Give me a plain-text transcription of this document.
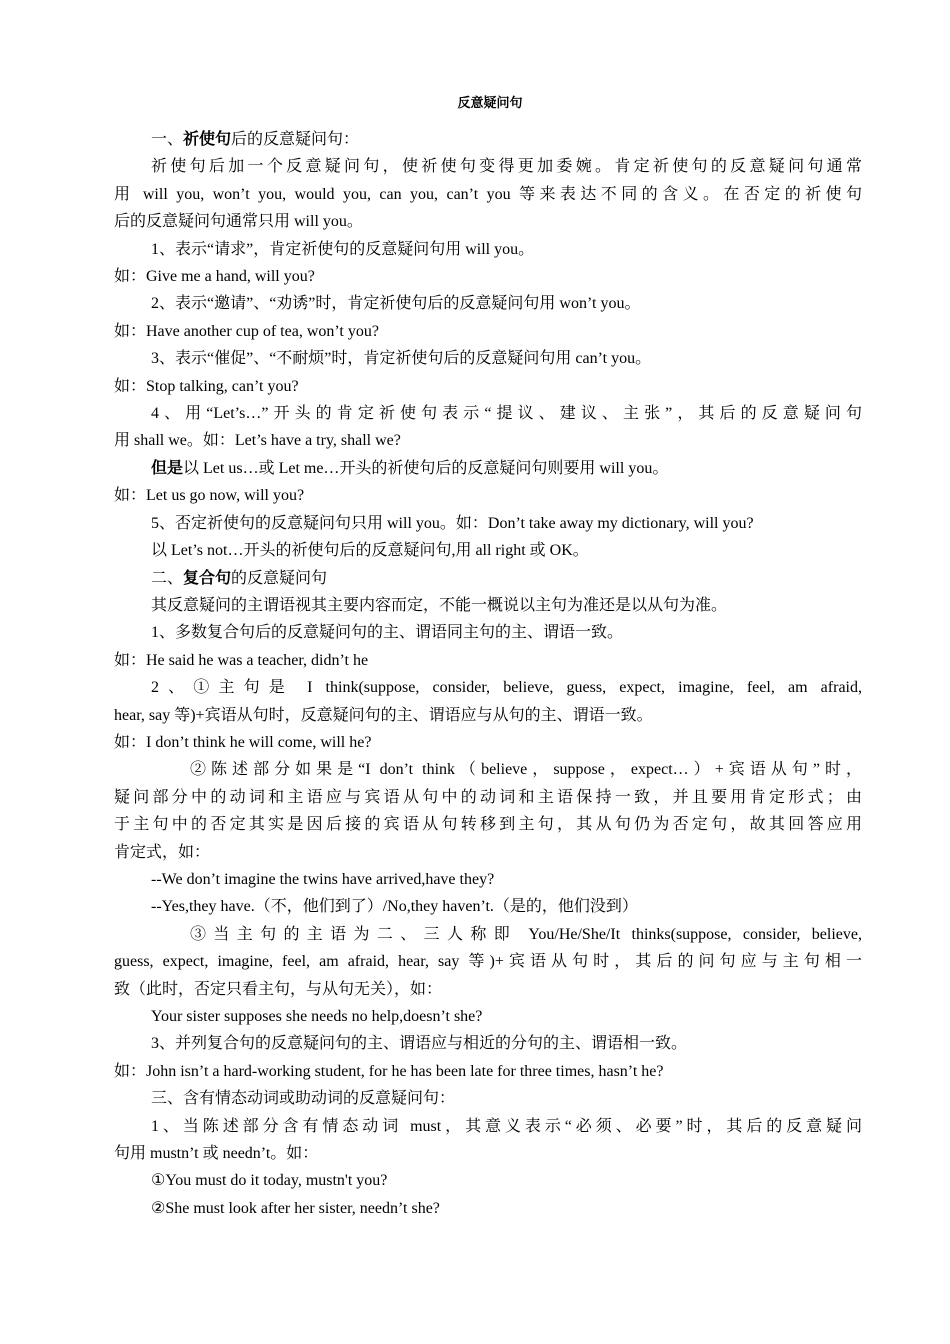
反意疑问句
一、祈使句后的反意疑问句：
祈使句后加一个反意疑问句，使祈使句变得更加委婉。肯定祈使句的反意疑问句通常
用 will you, won’t you, would you, can you, can’t you 等来表达不同的含义。在否定的祈使句
后的反意疑问句通常只用 will you。
1、表示“请求”，肯定祈使句的反意疑问句用 will you。
如：Give me a hand, will you?
2、表示“邀请”、“劝诱”时，肯定祈使句后的反意疑问句用 won’t you。
如：Have another cup of tea, won’t you?
3、表示“催促”、“不耐烦”时，肯定祈使句后的反意疑问句用 can’t you。
如：Stop talking, can’t you?
4、用“Let’s…”开头的肯定祈使句表示“提议、建议、主张”，其后的反意疑问句
用 shall we。如：Let’s have a try, shall we?
但是以 Let us…或 Let me…开头的祈使句后的反意疑问句则要用 will you。
如：Let us go now, will you?
5、否定祈使句的反意疑问句只用 will you。如：Don’t take away my dictionary, will you?
以 Let’s not…开头的祈使句后的反意疑问句,用 all right 或 OK。
二、复合句的反意疑问句
其反意疑问的主谓语视其主要内容而定，不能一概说以主句为准还是以从句为准。
1、多数复合句后的反意疑问句的主、谓语同主句的主、谓语一致。
如：He said he was a teacher, didn’t he
2、①主句是 I think(suppose, consider, believe, guess, expect, imagine, feel, am afraid,
hear, say 等)+宾语从句时，反意疑问句的主、谓语应与从句的主、谓语一致。
如：I don’t think he will come, will he?
②陈述部分如果是“I don’t think（believe，suppose，expect…）+宾语从句”时，
疑问部分中的动词和主语应与宾语从句中的动词和主语保持一致，并且要用肯定形式；由
于主句中的否定其实是因后接的宾语从句转移到主句，其从句仍为否定句，故其回答应用
肯定式，如：
--We don’t imagine the twins have arrived,have they?
--Yes,they have.（不，他们到了）/No,they haven’t.（是的，他们没到）
③当主句的主语为二、三人称即 You/He/She/It thinks(suppose, consider, believe,
guess, expect, imagine, feel, am afraid, hear, say 等)+宾语从句时，其后的问句应与主句相一
致（此时，否定只看主句，与从句无关），如：
Your sister supposes she needs no help,doesn’t she?
3、并列复合句的反意疑问句的主、谓语应与相近的分句的主、谓语相一致。
如：John isn’t a hard-working student, for he has been late for three times, hasn’t he?
三、含有情态动词或助动词的反意疑问句：
1、当陈述部分含有情态动词 must，其意义表示“必须、必要”时，其后的反意疑问
句用 mustn’t 或 needn’t。如：
①You must do it today, mustn't you?
②She must look after her sister, needn’t she?
